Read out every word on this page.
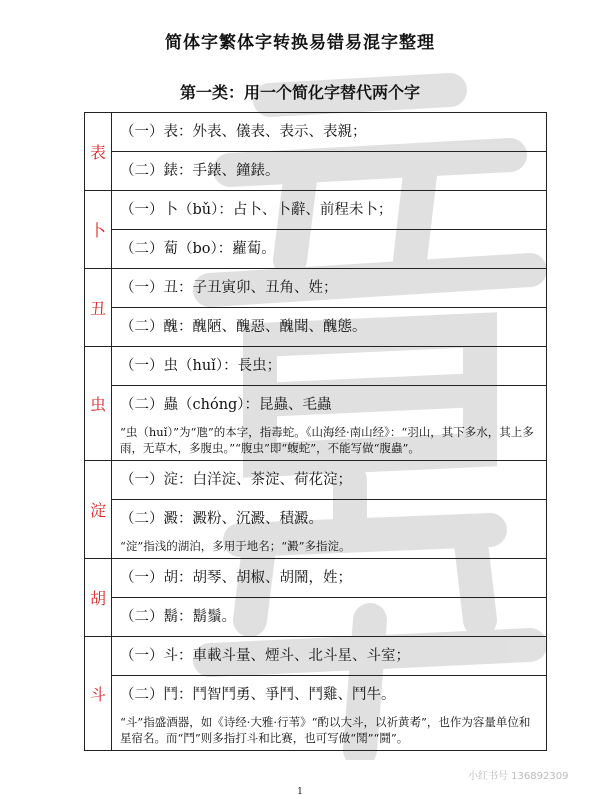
简体字繁体字转换易错易混字整理
第一类：用一个简化字替代两个字
表	（一）表：外表、儀表、表示、表親；

	（二）錶：手錶、鐘錶。

卜	（一）卜（bǔ）：占卜、卜辭、前程未卜；

	（二）蔔（bo）：蘿蔔。

丑	（一）丑：子丑寅卯、丑角、姓；

	（二）醜：醜陋、醜惡、醜聞、醜態。

虫	（一）虫（huǐ）：長虫；

	（二）蟲（chóng）：昆蟲、毛蟲
“虫（huǐ）”为“虺”的本字，指毒蛇。《山海经·南山经》：“羽山，其下多水，其上多雨，无草木，多腹虫。”“腹虫”即“蝮蛇”，不能写做“腹蟲”。

淀	（一）淀：白洋淀、茶淀、荷花淀；

	（二）澱：澱粉、沉澱、積澱。
“淀”指浅的湖泊，多用于地名；“澱”多指淀。

胡	（一）胡：胡琴、胡椒、胡鬧，姓；

	（二）鬍：鬍鬚。

斗	（一）斗：車載斗量、煙斗、北斗星、斗室；

	（二）鬥：鬥智鬥勇、爭鬥、鬥雞、鬥牛。
“斗”指盛酒器，如《诗经·大雅·行苇》“酌以大斗，以祈黄耇”，也作为容量单位和星宿名。而“鬥”则多指打斗和比赛，也可写做“鬦”“鬪”。
小红书号 136892309
1
